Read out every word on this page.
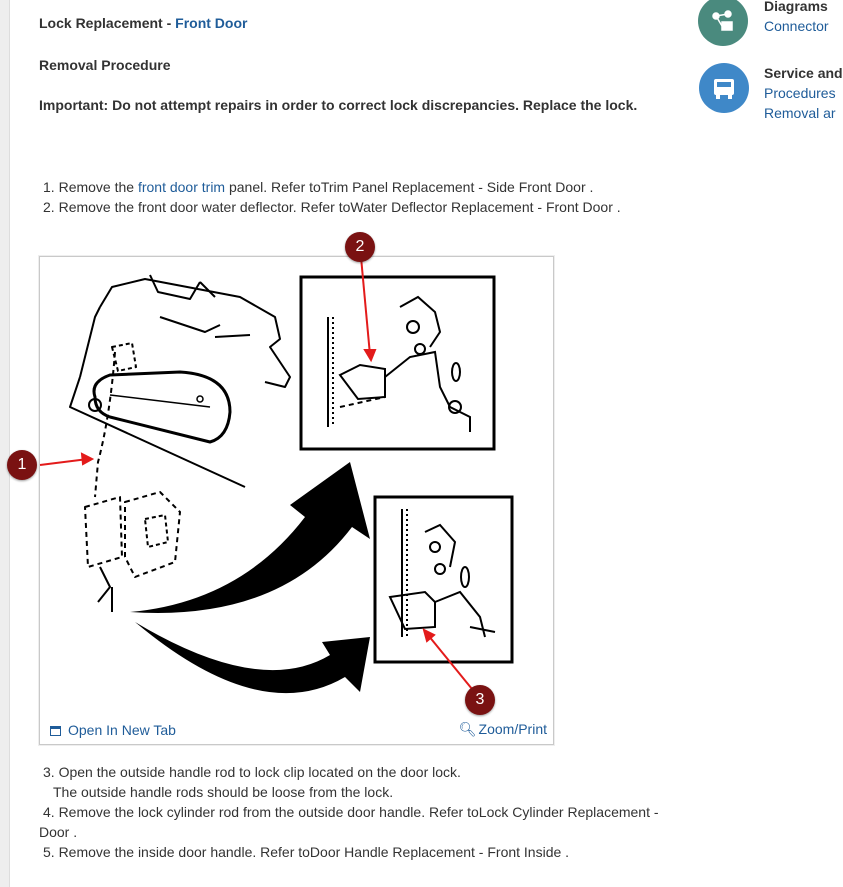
Lock Replacement - Front Door
Removal Procedure
Important: Do not attempt repairs in order to correct lock discrepancies. Replace the lock.
1. Remove the front door trim panel. Refer toTrim Panel Replacement - Side Front Door .
2. Remove the front door water deflector. Refer toWater Deflector Replacement - Front Door .
Open In New Tab	🔍︎ Zoom/Print
1
2
3
3. Open the outside handle rod to lock clip located on the door lock.
The outside handle rods should be loose from the lock.
4. Remove the lock cylinder rod from the outside door handle. Refer toLock Cylinder Replacement -
Door .
5. Remove the inside door handle. Refer toDoor Handle Replacement - Front Inside .
Diagrams
Connector
Service and
Procedures
Removal ar
